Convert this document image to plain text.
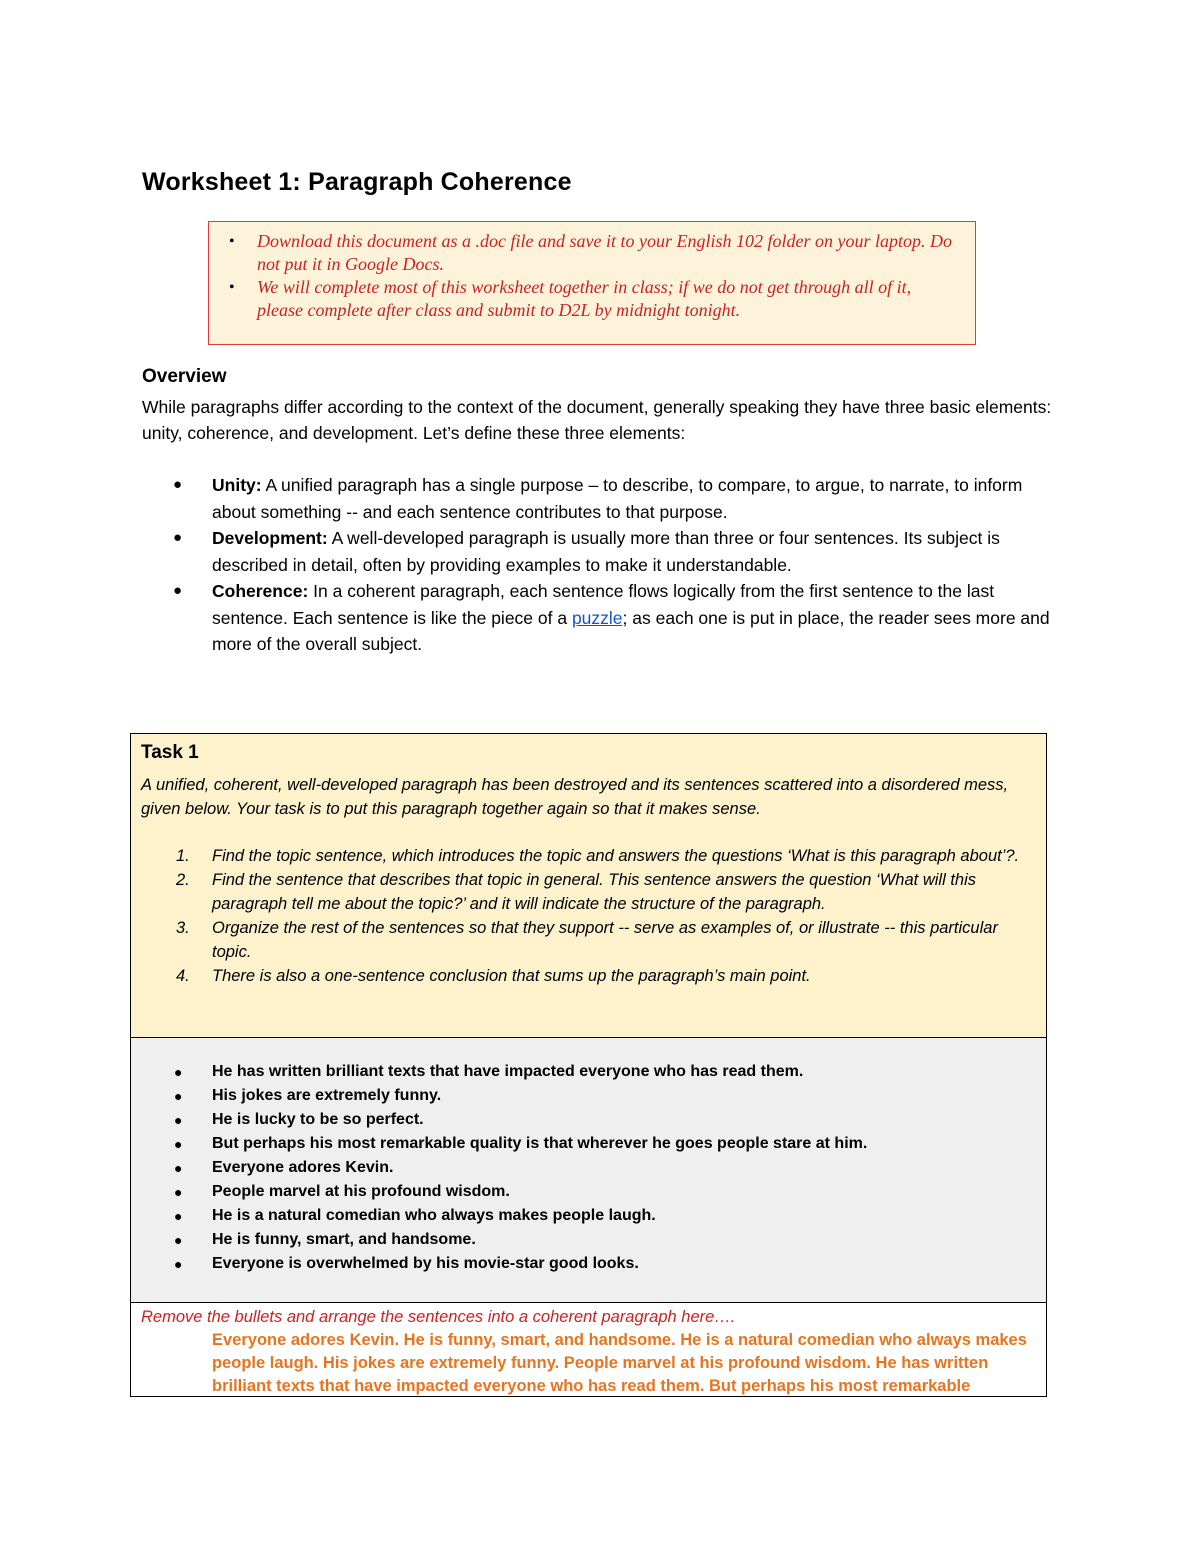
Worksheet 1: Paragraph Coherence
• Download this document as a .doc file and save it to your English 102 folder on your laptop. Do not put it in Google Docs.
• We will complete most of this worksheet together in class; if we do not get through all of it, please complete after class and submit to D2L by midnight tonight.
Overview
While paragraphs differ according to the context of the document, generally speaking they have three basic elements: unity, coherence, and development. Let’s define these three elements:
● Unity: A unified paragraph has a single purpose – to describe, to compare, to argue, to narrate, to inform about something -- and each sentence contributes to that purpose.
● Development: A well-developed paragraph is usually more than three or four sentences. Its subject is described in detail, often by providing examples to make it understandable.
● Coherence: In a coherent paragraph, each sentence flows logically from the first sentence to the last sentence. Each sentence is like the piece of a puzzle; as each one is put in place, the reader sees more and more of the overall subject.
Task 1
A unified, coherent, well-developed paragraph has been destroyed and its sentences scattered into a disordered mess, given below. Your task is to put this paragraph together again so that it makes sense.
1. Find the topic sentence, which introduces the topic and answers the questions ‘What is this paragraph about’?.
2. Find the sentence that describes that topic in general. This sentence answers the question ‘What will this paragraph tell me about the topic?’ and it will indicate the structure of the paragraph.
3. Organize the rest of the sentences so that they support -- serve as examples of, or illustrate -- this particular topic.
4. There is also a one-sentence conclusion that sums up the paragraph’s main point.
● He has written brilliant texts that have impacted everyone who has read them.
● His jokes are extremely funny.
● He is lucky to be so perfect.
● But perhaps his most remarkable quality is that wherever he goes people stare at him.
● Everyone adores Kevin.
● People marvel at his profound wisdom.
● He is a natural comedian who always makes people laugh.
● He is funny, smart, and handsome.
● Everyone is overwhelmed by his movie-star good looks.
Remove the bullets and arrange the sentences into a coherent paragraph here….
Everyone adores Kevin. He is funny, smart, and handsome. He is a natural comedian who always makes people laugh. His jokes are extremely funny. People marvel at his profound wisdom. He has written brilliant texts that have impacted everyone who has read them. But perhaps his most remarkable
